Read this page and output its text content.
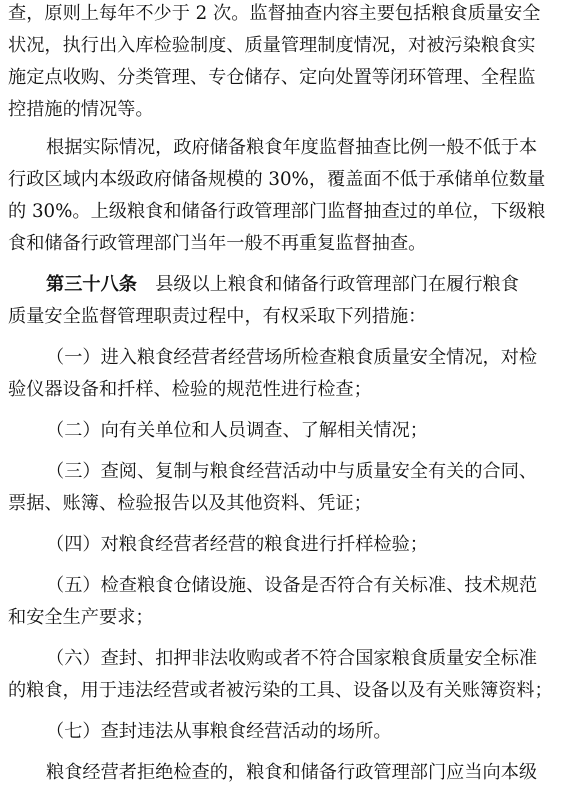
查，原则上每年不少于 2 次。监督抽查内容主要包括粮食质量安全
状况，执行出入库检验制度、质量管理制度情况，对被污染粮食实
施定点收购、分类管理、专仓储存、定向处置等闭环管理、全程监
控措施的情况等。
根据实际情况，政府储备粮食年度监督抽查比例一般不低于本
行政区域内本级政府储备规模的 30%，覆盖面不低于承储单位数量
的 30%。上级粮食和储备行政管理部门监督抽查过的单位，下级粮
食和储备行政管理部门当年一般不再重复监督抽查。
第三十八条　 县级以上粮食和储备行政管理部门在履行粮食
质量安全监督管理职责过程中，有权采取下列措施：
（一）进入粮食经营者经营场所检查粮食质量安全情况，对检
验仪器设备和扦样、检验的规范性进行检查；
（二）向有关单位和人员调查、了解相关情况；
（三）查阅、复制与粮食经营活动中与质量安全有关的合同、
票据、账簿、检验报告以及其他资料、凭证；
（四）对粮食经营者经营的粮食进行扦样检验；
（五）检查粮食仓储设施、设备是否符合有关标准、技术规范
和安全生产要求；
（六）查封、扣押非法收购或者不符合国家粮食质量安全标准
的粮食，用于违法经营或者被污染的工具、设备以及有关账簿资料；
（七）查封违法从事粮食经营活动的场所。
粮食经营者拒绝检查的，粮食和储备行政管理部门应当向本级
